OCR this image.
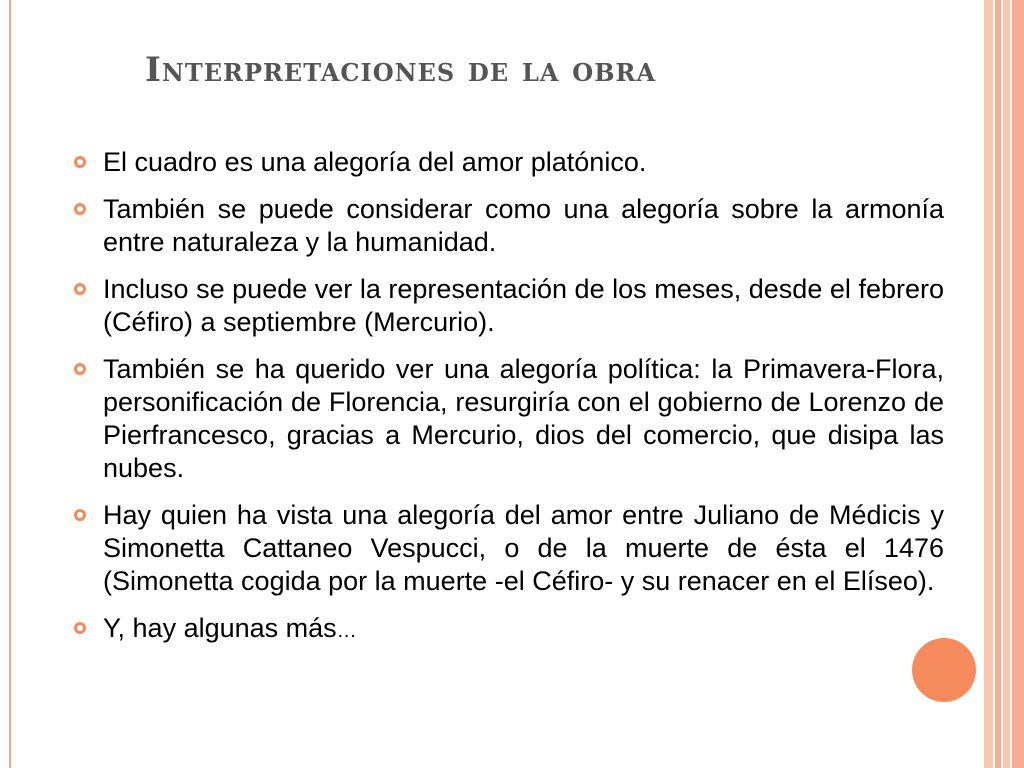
Interpretaciones de la obra
El cuadro es una alegoría del amor platónico.
También se puede considerar como una alegoría sobre la armonía entre naturaleza y la humanidad.
Incluso se puede ver la representación de los meses, desde el febrero (Céfiro) a septiembre (Mercurio).
También se ha querido ver una alegoría política: la Primavera-Flora, personificación de Florencia, resurgiría con el gobierno de Lorenzo de Pierfrancesco, gracias a Mercurio, dios del comercio, que disipa las nubes.
Hay quien ha vista una alegoría del amor entre Juliano de Médicis y Simonetta Cattaneo Vespucci, o de la muerte de ésta el 1476 (Simonetta cogida por la muerte -el Céfiro- y su renacer en el Elíseo).
Y, hay algunas más…
